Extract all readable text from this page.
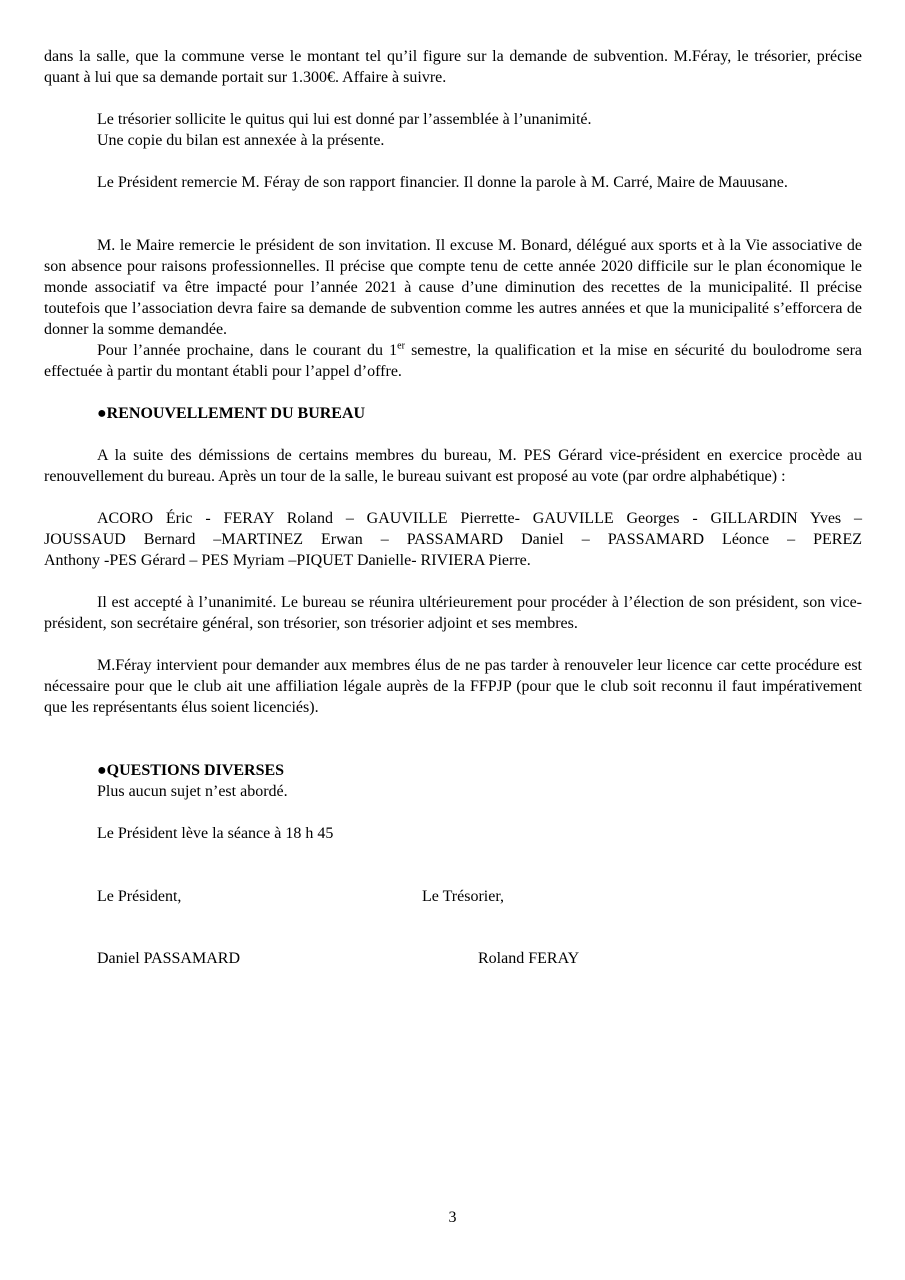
dans la salle, que la commune verse le montant tel qu’il figure sur la demande de subvention. M.Féray, le trésorier, précise quant à lui que sa demande portait sur 1.300€. Affaire à suivre.

Le trésorier sollicite le quitus qui lui est donné par l’assemblée à l’unanimité.

Une copie du bilan est annexée à la présente.

Le Président remercie M. Féray de son rapport financier. Il donne la parole à M. Carré, Maire de Mauusane.

M. le Maire remercie le président de son invitation. Il excuse M. Bonard, délégué aux sports et à la Vie associative de son absence pour raisons professionnelles. Il précise que compte tenu de cette année 2020 difficile sur le plan économique le monde associatif va être impacté pour l’année 2021 à cause d’une diminution des recettes de la municipalité. Il précise toutefois que l’association devra faire sa demande de subvention comme les autres années et que la municipalité s’efforcera de donner la somme demandée.

Pour l’année prochaine, dans le courant du 1er semestre, la qualification et la mise en sécurité du boulodrome sera effectuée à partir du montant établi pour l’appel d’offre.

●RENOUVELLEMENT DU BUREAU

A la suite des démissions de certains membres du bureau, M. PES Gérard vice-président en exercice procède au renouvellement du bureau. Après un tour de la salle, le bureau suivant est proposé au vote (par ordre alphabétique) :

ACORO Éric - FERAY Roland – GAUVILLE Pierrette- GAUVILLE Georges - GILLARDIN Yves –

JOUSSAUD Bernard –MARTINEZ Erwan – PASSAMARD Daniel – PASSAMARD Léonce – PEREZ

Anthony -PES Gérard – PES Myriam –PIQUET Danielle- RIVIERA Pierre.

Il est accepté à l’unanimité. Le bureau se réunira ultérieurement pour procéder à l’élection de son président, son vice-président, son secrétaire général, son trésorier, son trésorier adjoint et ses membres.

M.Féray intervient pour demander aux membres élus de ne pas tarder à renouveler leur licence car cette procédure est nécessaire pour que le club ait une affiliation légale auprès de la FFPJP (pour que le club soit reconnu il faut impérativement que les représentants élus soient licenciés).

●QUESTIONS DIVERSES

Plus aucun sujet n’est abordé.

Le Président lève la séance à 18 h 45

Le Président,	Le Trésorier,

Daniel PASSAMARD	Roland FERAY

3
